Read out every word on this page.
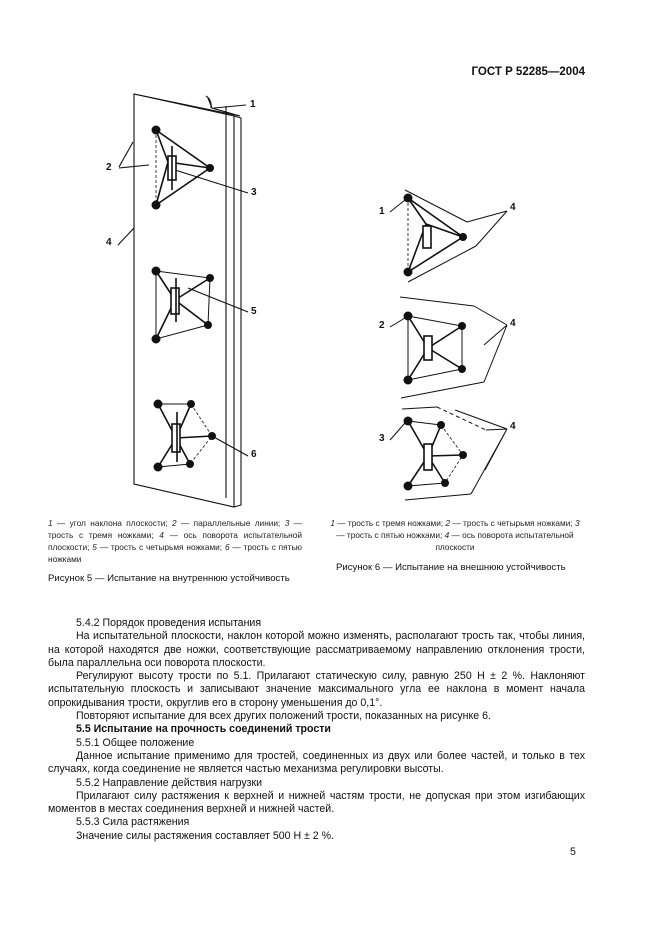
ГОСТ Р 52285—2004
1
2
3
4
5
6
1
2
3
4
4
4
1 — угол наклона плоскости; 2 — параллельные линии; 3 — трость с тремя ножками; 4 — ось поворота испытательной плоскости; 5 — трость с четырьмя ножками; 6 — трость с пятью ножками
1 — трость с тремя ножками; 2 — трость с четырьмя ножками; 3 — трость с пятью ножками; 4 — ось поворота испытательной плоскости
Рисунок 5 — Испытание на внутреннюю устойчивость
Рисунок 6 — Испытание на внешнюю устойчивость
5.4.2 Порядок проведения испытания
На испытательной плоскости, наклон которой можно изменять, располагают трость так, чтобы линия, на которой находятся две ножки, соответствующие рассматриваемому направлению отклонения трости, была параллельна оси поворота плоскости.
Регулируют высоту трости по 5.1. Прилагают статическую силу, равную 250 Н ± 2 %. Наклоняют испытательную плоскость и записывают значение максимального угла ее наклона в момент начала опрокидывания трости, округлив его в сторону уменьшения до 0,1°.
Повторяют испытание для всех других положений трости, показанных на рисунке 6.
5.5 Испытание на прочность соединений трости
5.5.1 Общее положение
Данное испытание применимо для тростей, соединенных из двух или более частей, и только в тех случаях, когда соединение не является частью механизма регулировки высоты.
5.5.2 Направление действия нагрузки
Прилагают силу растяжения к верхней и нижней частям трости, не допуская при этом изгибающих моментов в местах соединения верхней и нижней частей.
5.5.3 Сила растяжения
Значение силы растяжения составляет 500 Н ± 2 %.
5
